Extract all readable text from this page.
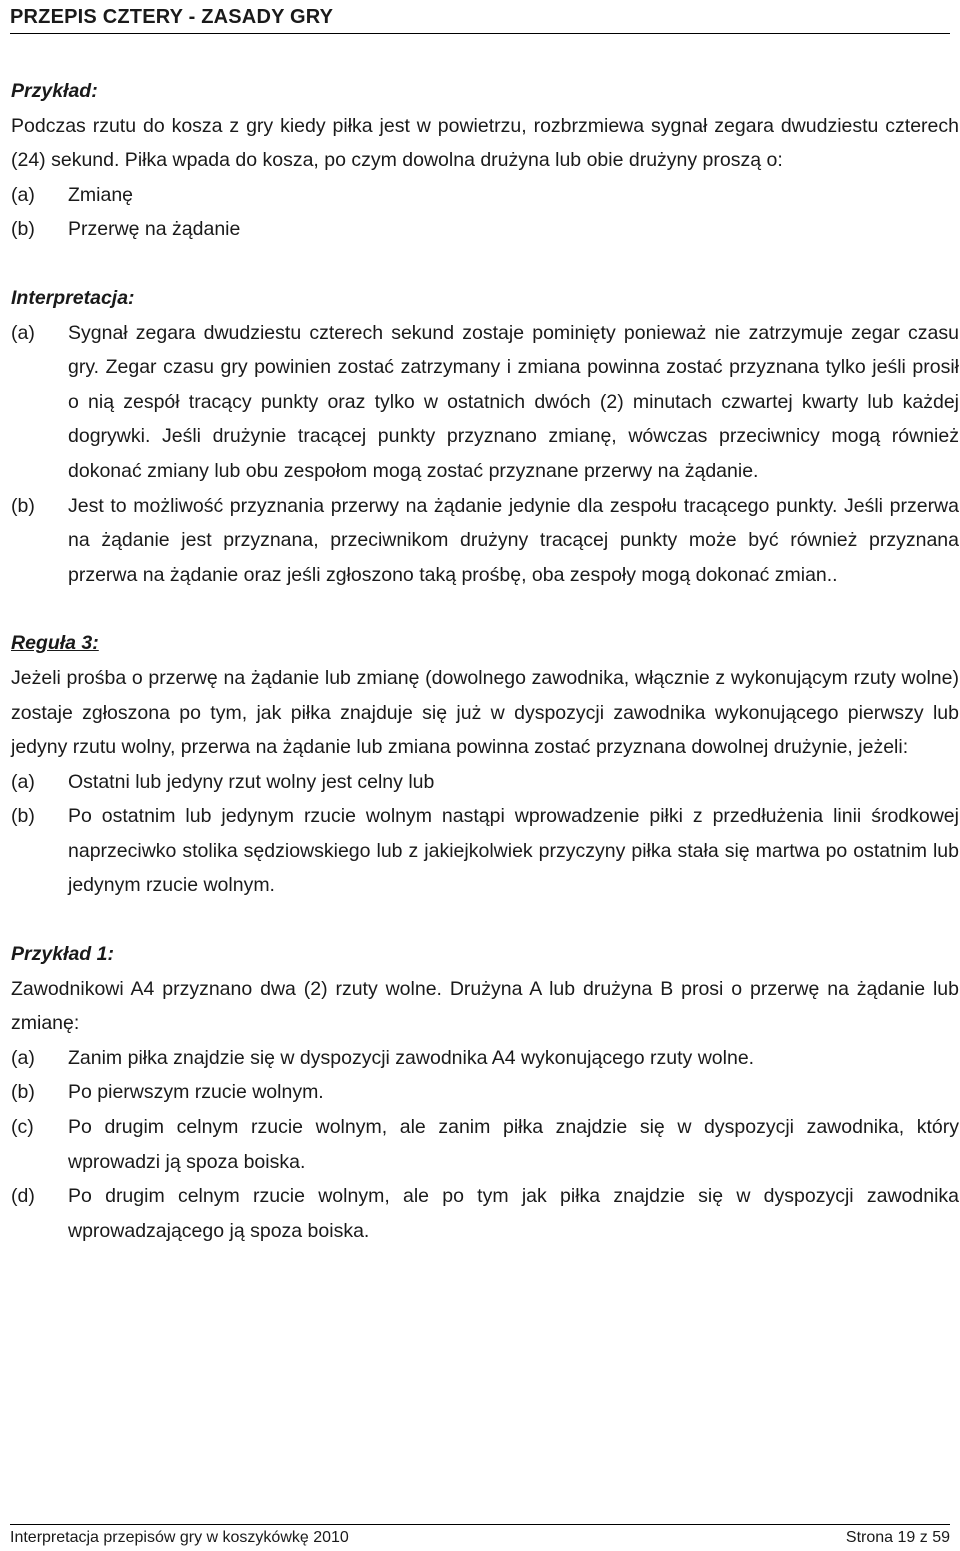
PRZEPIS CZTERY - ZASADY GRY

Przykład:

Podczas rzutu do kosza z gry kiedy piłka jest w powietrzu, rozbrzmiewa sygnał zegara dwudziestu czterech (24) sekund. Piłka wpada do kosza, po czym dowolna drużyna lub obie drużyny proszą o:

(a)	Zmianę
(b)	Przerwę na żądanie

Interpretacja:

(a)	Sygnał zegara dwudziestu czterech sekund zostaje pominięty ponieważ nie zatrzymuje zegar czasu gry. Zegar czasu gry powinien zostać zatrzymany i zmiana powinna zostać przyznana tylko jeśli prosił o nią zespół tracący punkty oraz tylko w ostatnich dwóch (2) minutach czwartej kwarty lub każdej dogrywki. Jeśli drużynie tracącej punkty przyznano zmianę, wówczas przeciwnicy mogą również dokonać zmiany lub obu zespołom mogą zostać przyznane przerwy na żądanie.
(b)	Jest to możliwość przyznania przerwy na żądanie jedynie dla zespołu tracącego punkty. Jeśli przerwa na żądanie jest przyznana, przeciwnikom drużyny tracącej punkty może być również przyznana przerwa na żądanie oraz jeśli zgłoszono taką prośbę, oba zespoły mogą dokonać zmian..

Reguła 3:

Jeżeli prośba o przerwę na żądanie lub zmianę (dowolnego zawodnika, włącznie z wykonującym rzuty wolne) zostaje zgłoszona po tym, jak piłka znajduje się już w dyspozycji zawodnika wykonującego pierwszy lub jedyny rzutu wolny, przerwa na żądanie lub zmiana powinna zostać przyznana dowolnej drużynie, jeżeli:

(a)	Ostatni lub jedyny rzut wolny jest celny lub
(b)	Po ostatnim lub jedynym rzucie wolnym nastąpi wprowadzenie piłki z przedłużenia linii środkowej naprzeciwko stolika sędziowskiego lub z jakiejkolwiek przyczyny piłka stała się martwa po ostatnim lub jedynym rzucie wolnym.

Przykład 1:

Zawodnikowi A4 przyznano dwa (2) rzuty wolne. Drużyna A lub drużyna B prosi o przerwę na żądanie lub zmianę:

(a)	Zanim piłka znajdzie się w dyspozycji zawodnika A4 wykonującego rzuty wolne.
(b)	Po pierwszym rzucie wolnym.
(c)	Po drugim celnym rzucie wolnym, ale zanim piłka znajdzie się w dyspozycji zawodnika, który wprowadzi ją spoza boiska.
(d)	Po drugim celnym rzucie wolnym, ale po tym jak piłka znajdzie się w dyspozycji zawodnika wprowadzającego ją spoza boiska.
Interpretacja przepisów gry w koszykówkę 2010	Strona 19 z 59
